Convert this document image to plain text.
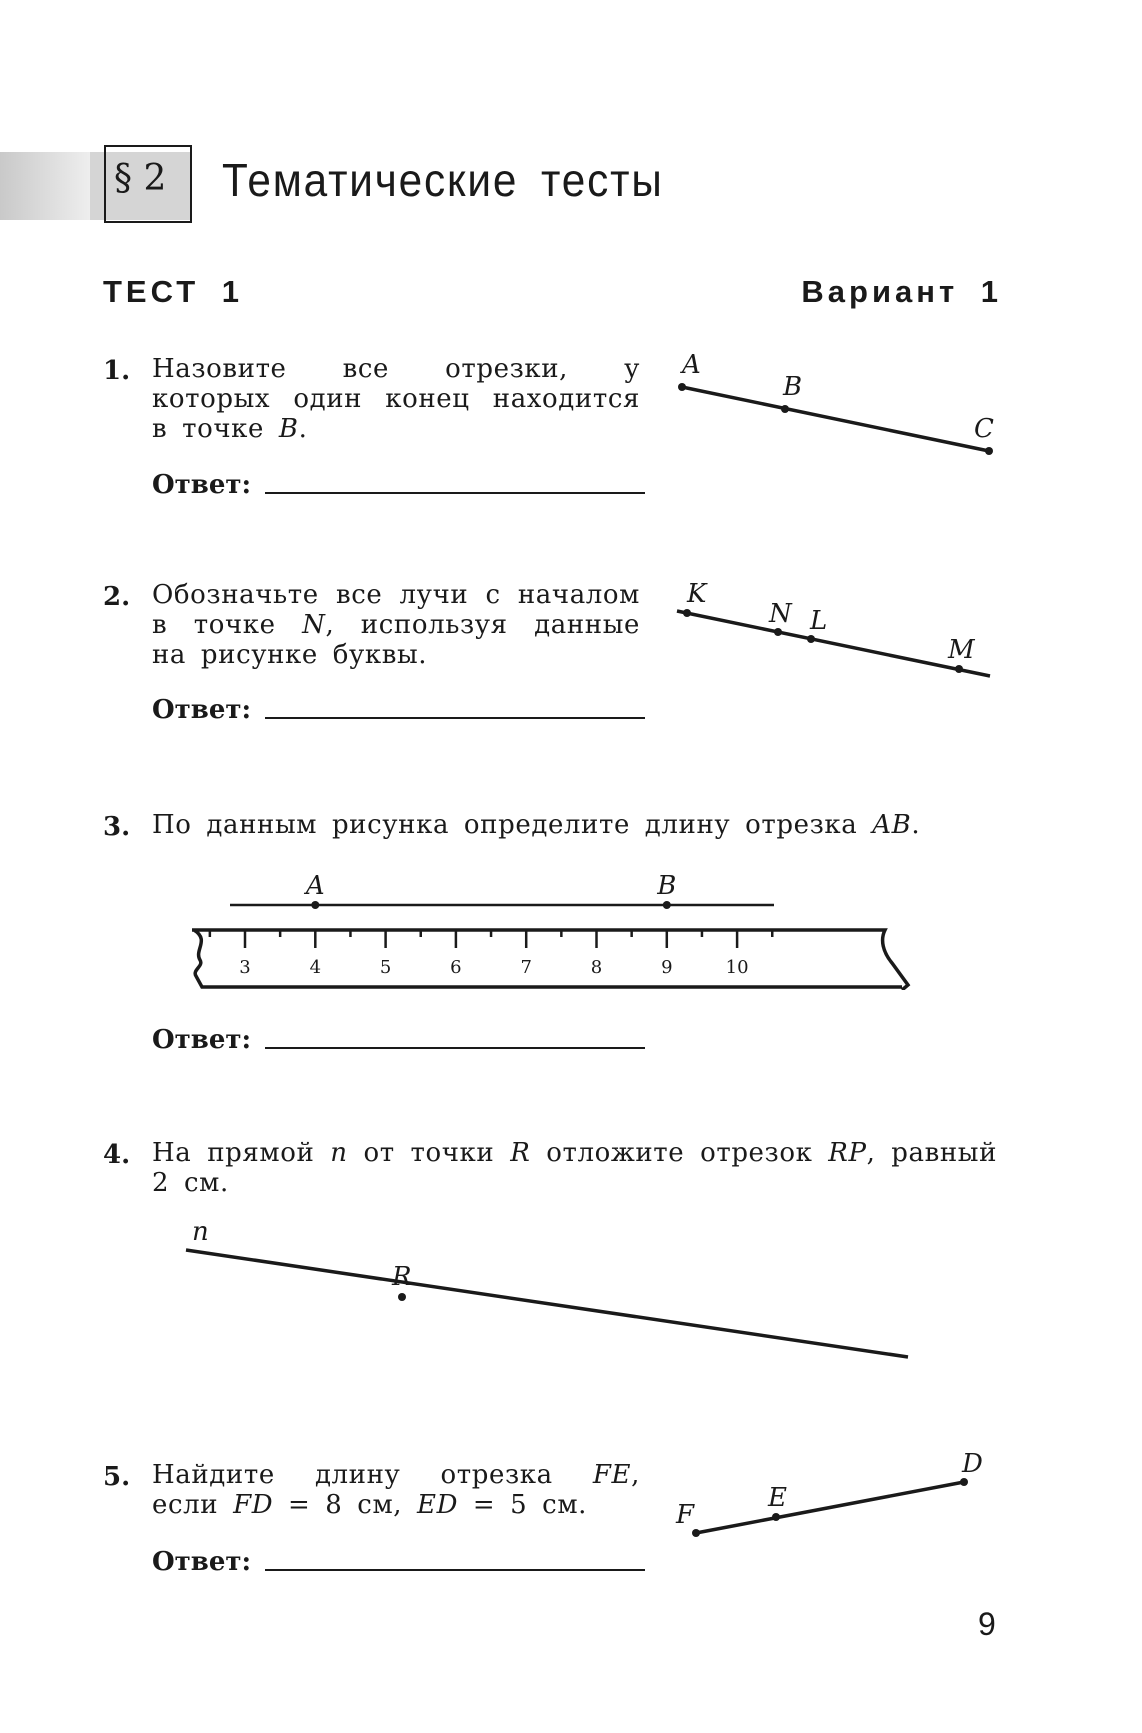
§ 2 Тематические тесты
ТЕСТ 1	Вариант 1
1. Назовите все отрезки, у которых один конец находится в точке B.
Ответ:
A
B
C
2. Обозначьте все лучи с началом в точке N, используя данные на рисунке буквы.
Ответ:
K
N L
M
3. По данным рисунка определите длину отрезка AB.
3	4	5	6	7	8	9	10
A	B
Ответ:
4. На прямой n от точки R отложите отрезок RP, равный 2 см.
n
R
5. Найдите длину отрезка FE, если FD = 8 см, ED = 5 см.
Ответ:
F
E
D
9
